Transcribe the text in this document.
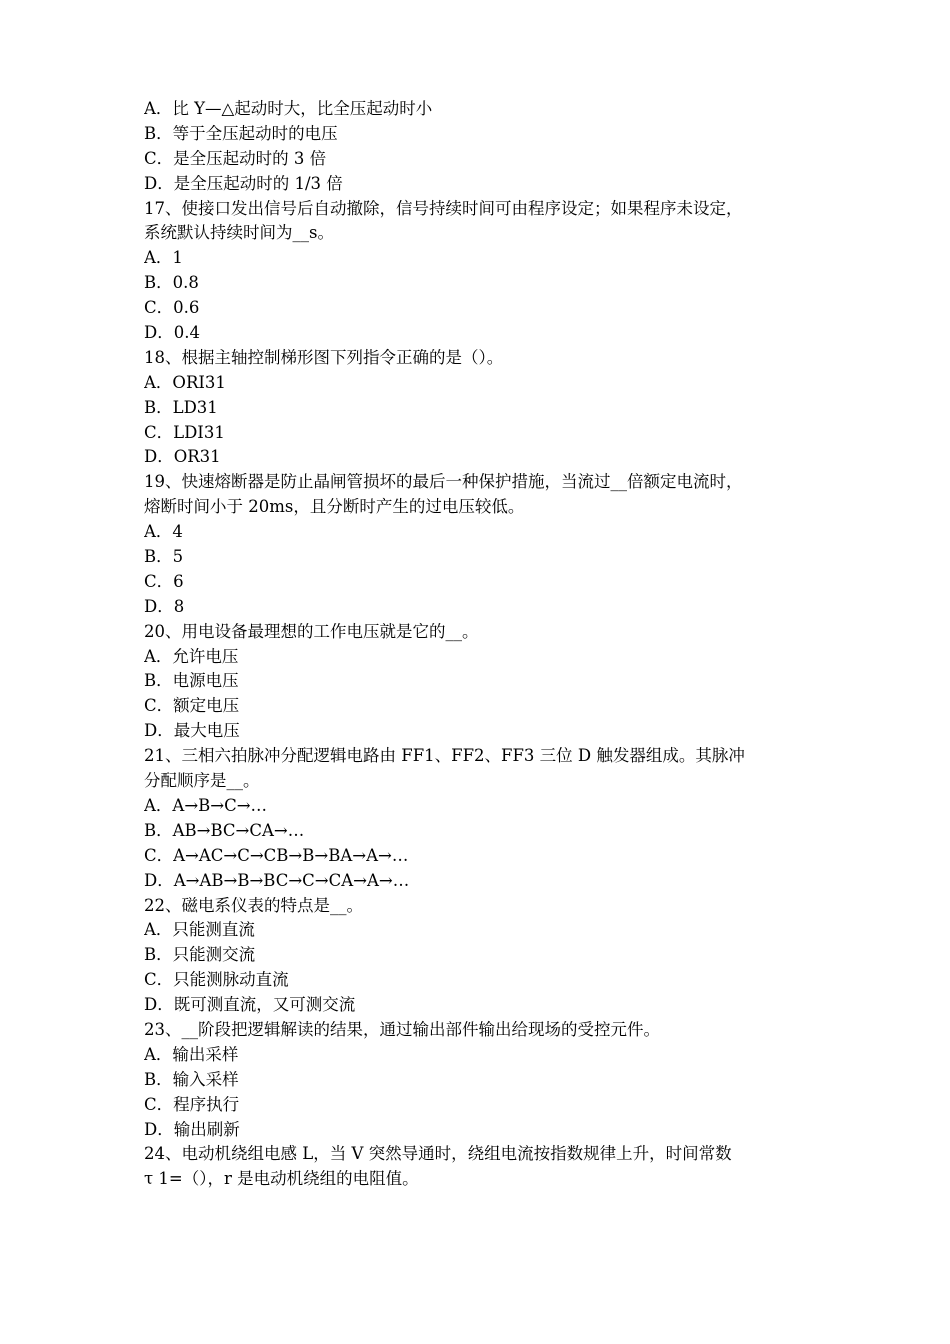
A．比 Y—△起动时大，比全压起动时小
B．等于全压起动时的电压
C．是全压起动时的 3 倍
D．是全压起动时的 1/3 倍
17、使接口发出信号后自动撤除，信号持续时间可由程序设定；如果程序未设定，
系统默认持续时间为__s。
A．1
B．0.8
C．0.6
D．0.4
18、根据主轴控制梯形图下列指令正确的是（）。
A．ORI31
B．LD31
C．LDI31
D．OR31
19、快速熔断器是防止晶闸管损坏的最后一种保护措施，当流过__倍额定电流时，
熔断时间小于 20ms，且分断时产生的过电压较低。
A．4
B．5
C．6
D．8
20、用电设备最理想的工作电压就是它的__。
A．允许电压
B．电源电压
C．额定电压
D．最大电压
21、三相六拍脉冲分配逻辑电路由 FF1、FF2、FF3 三位 D 触发器组成。其脉冲
分配顺序是__。
A．A→B→C→…
B．AB→BC→CA→…
C．A→AC→C→CB→B→BA→A→…
D．A→AB→B→BC→C→CA→A→…
22、磁电系仪表的特点是__。
A．只能测直流
B．只能测交流
C．只能测脉动直流
D．既可测直流，又可测交流
23、__阶段把逻辑解读的结果，通过输出部件输出给现场的受控元件。
A．输出采样
B．输入采样
C．程序执行
D．输出刷新
24、电动机绕组电感 L，当 V 突然导通时，绕组电流按指数规律上升，时间常数
τ 1=（），r 是电动机绕组的电阻值。
